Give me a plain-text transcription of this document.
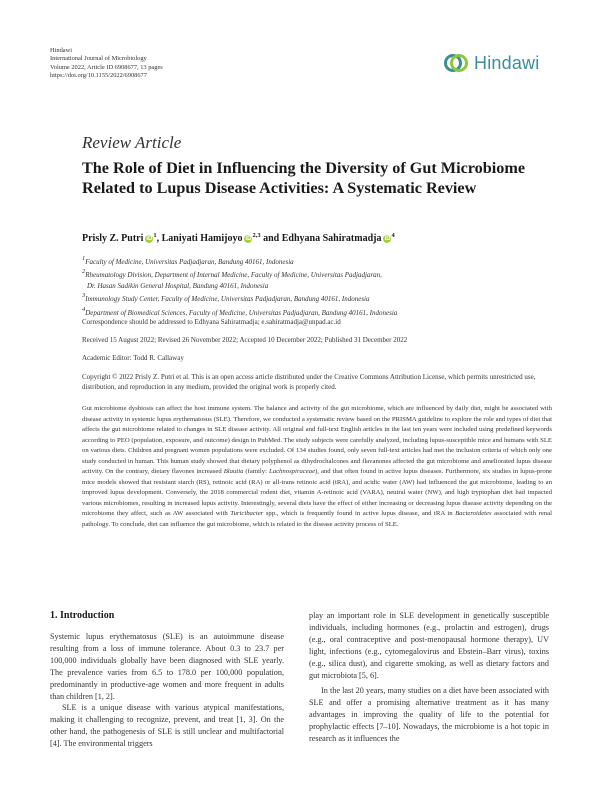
Hindawi
International Journal of Microbiology
Volume 2022, Article ID 6908677, 13 pages
https://doi.org/10.1155/2022/6908677
Hindawi
Review Article
The Role of Diet in Influencing the Diversity of Gut Microbiome Related to Lupus Disease Activities: A Systematic Review
Prisly Z. Putri $iD^1$, Laniyati Hamijoyo iD$^{2,3}$ and Edhyana Sahiratmadja $iD^4$
1Faculty of Medicine, Universitas Padjadjaran, Bandung 40161, Indonesia
2Rheumatology Division, Department of Internal Medicine, Faculty of Medicine, Universitas Padjadjaran,
Dr. Hasan Sadikin General Hospital, Bandung 40161, Indonesia
3Immunology Study Center, Faculty of Medicine, Universitas Padjadjaran, Bandung 40161, Indonesia
4Department of Biomedical Sciences, Faculty of Medicine, Universitas Padjadjaran, Bandung 40161, Indonesia
Correspondence should be addressed to Edhyana Sahiratmadja; e.sahiratmadja@unpad.ac.id
Received 15 August 2022; Revised 26 November 2022; Accepted 10 December 2022; Published 31 December 2022
Academic Editor: Todd R. Callaway
Copyright © 2022 Prisly Z. Putri et al. This is an open access article distributed under the Creative Commons Attribution License, which permits unrestricted use, distribution, and reproduction in any medium, provided the original work is properly cited.
Gut microbiome dysbiosis can affect the host immune system. The balance and activity of the gut microbiome, which are influenced by daily diet, might be associated with disease activity in systemic lupus erythematosus (SLE). Therefore, we conducted a systematic review based on the PRISMA guideline to explore the role and types of diet that affects the gut microbiome related to changes in SLE disease activity. All original and full-text English articles in the last ten years were included using predefined keywords according to PEO (population, exposure, and outcome) design in PubMed. The study subjects were carefully analyzed, including lupus-susceptible mice and humans with SLE on various diets. Children and pregnant women populations were excluded. Of 134 studies found, only seven full-text articles had met the inclusion criteria of which only one study conducted in human. This human study showed that dietary polyphenol as dihydrochalcones and flavanones affected the gut microbiome and ameliorated lupus disease activity. On the contrary, dietary flavones increased Blautia (family: Lachnospiraceae), and that often found in active lupus diseases. Furthermore, six studies in lupus-prone mice models showed that resistant starch (RS), retinoic acid (RA) or all-trans retinoic acid (tRA), and acidic water (AW) had influenced the gut microbiome, leading to an improved lupus development. Conversely, the 2018 commercial rodent diet, vitamin A-retinoic acid (VARA), neutral water (NW), and high tryptophan diet had impacted various microbiomes, resulting in increased lupus activity. Interestingly, several diets have the effect of either increasing or decreasing lupus disease activity depending on the microbiome they affect, such as AW associated with Turicibacter spp., which is frequently found in active lupus disease, and tRA in Bacteroidetes associated with renal pathology. To conclude, diet can influence the gut microbiome, which is related to the disease activity process of SLE.
1. Introduction

Systemic lupus erythematosus (SLE) is an autoimmune disease resulting from a loss of immune tolerance. About 0.3 to 23.7 per 100,000 individuals globally have been diagnosed with SLE yearly. The prevalence varies from 6.5 to 178.0 per 100,000 population, predominantly in productive-age women and more frequent in adults than children [1, 2].

SLE is a unique disease with various atypical manifestations, making it challenging to recognize, prevent, and treat [1, 3]. On the other hand, the pathogenesis of SLE is still unclear and multifactorial [4]. The environmental triggers

play an important role in SLE development in genetically susceptible individuals, including hormones (e.g., prolactin and estrogen), drugs (e.g., oral contraceptive and post-menopausal hormone therapy), UV light, infections (e.g., cytomegalovirus and Ebstein–Barr virus), toxins (e.g., silica dust), and cigarette smoking, as well as dietary factors and gut microbiota [5, 6].

In the last 20 years, many studies on a diet have been associated with SLE and offer a promising alternative treatment as it has many advantages in improving the quality of life to the potential for prophylactic effects [7–10]. Nowadays, the microbiome is a hot topic in research as it influences the
